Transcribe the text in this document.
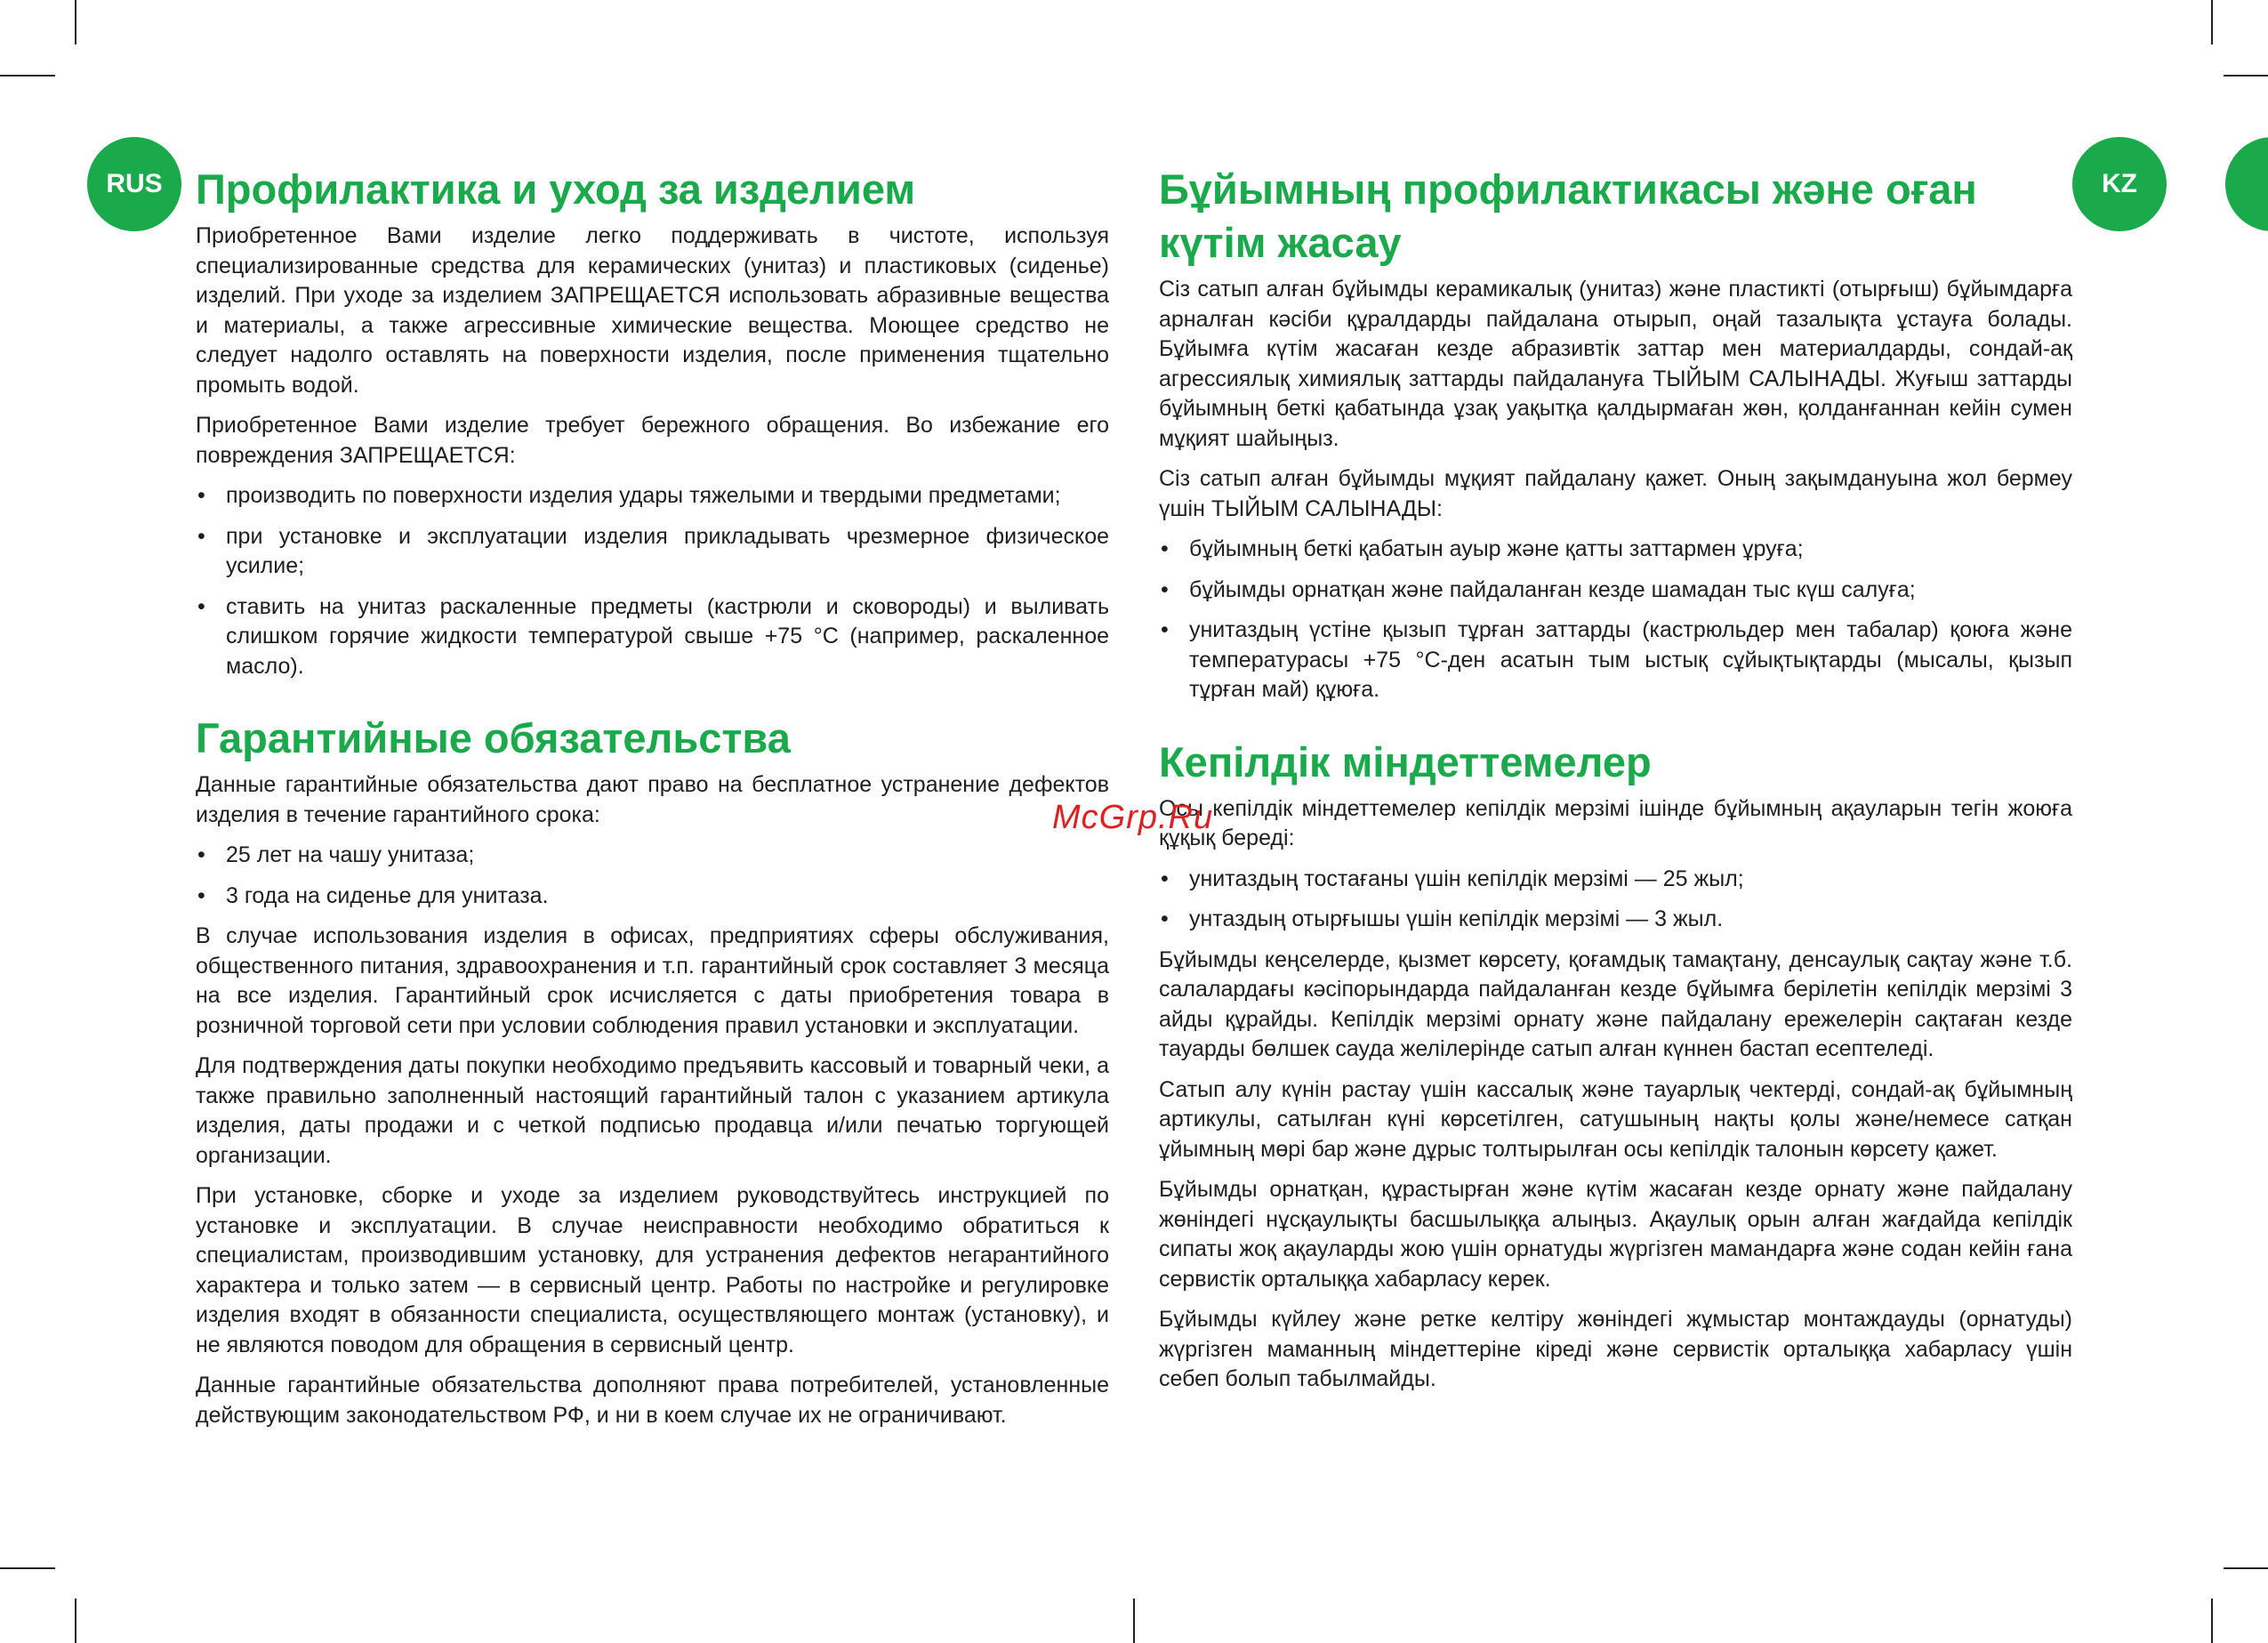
RUS	KZ
Профилактика и уход за изделием

Приобретенное Вами изделие легко поддерживать в чистоте, используя специализированные средства для керамических (унитаз) и пластиковых (сиденье) изделий. При уходе за изделием ЗАПРЕЩАЕТСЯ использовать абразивные вещества и материалы, а также агрессивные химические вещества. Моющее средство не следует надолго оставлять на поверхности изделия, после применения тщательно промыть водой.

Приобретенное Вами изделие требует бережного обращения. Во избежание его повреждения ЗАПРЕЩАЕТСЯ:

• производить по поверхности изделия удары тяжелыми и твердыми предметами;
• при установке и эксплуатации изделия прикладывать чрезмерное физическое усилие;
• ставить на унитаз раскаленные предметы (кастрюли и сковороды) и выливать слишком горячие жидкости температурой свыше +75 °С (например, раскаленное масло).
Гарантийные обязательства

Данные гарантийные обязательства дают право на бесплатное устранение дефектов изделия в течение гарантийного срока:

• 25 лет на чашу унитаза;
• 3 года на сиденье для унитаза.

В случае использования изделия в офисах, предприятиях сферы обслуживания, общественного питания, здравоохранения и т.п. гарантийный срок составляет 3 месяца на все изделия. Гарантийный срок исчисляется с даты приобретения товара в розничной торговой сети при условии соблюдения правил установки и эксплуатации.

Для подтверждения даты покупки необходимо предъявить кассовый и товарный чеки, а также правильно заполненный настоящий гарантийный талон с указанием артикула изделия, даты продажи и с четкой подписью продавца и/или печатью торгующей организации.

При установке, сборке и уходе за изделием руководствуйтесь инструкцией по установке и эксплуатации. В случае неисправности необходимо обратиться к специалистам, производившим установку, для устранения дефектов негарантийного характера и только затем — в сервисный центр. Работы по настройке и регулировке изделия входят в обязанности специалиста, осуществляющего монтаж (установку), и не являются поводом для обращения в сервисный центр.

Данные гарантийные обязательства дополняют права потребителей, установленные действующим законодательством РФ, и ни в коем случае их не ограничивают.

Бұйымның профилактикасы және оған күтім жасау

Сіз сатып алған бұйымды керамикалық (унитаз) және пластикті (отырғыш) бұйымдарға арналған кәсіби құралдарды пайдалана отырып, оңай тазалықта ұстауға болады. Бұйымға күтім жасаған кезде абразивтік заттар мен материалдарды, сондай-ақ агрессиялық химиялық заттарды пайдалануға ТЫЙЫМ САЛЫНАДЫ. Жуғыш заттарды бұйымның беткі қабатында ұзақ уақытқа қалдырмаған жөн, қолданғаннан кейін сумен мұқият шайыңыз.

Сіз сатып алған бұйымды мұқият пайдалану қажет. Оның зақымдануына жол бермеу үшін ТЫЙЫМ САЛЫНАДЫ:

• бұйымның беткі қабатын ауыр және қатты заттармен ұруға;
• бұйымды орнатқан және пайдаланған кезде шамадан тыс күш салуға;
• унитаздың үстіне қызып тұрған заттарды (кастрюльдер мен табалар) қоюға және температурасы +75 °С-ден асатын тым ыстық сұйықтықтарды (мысалы, қызып тұрған май) құюға.
Кепілдік міндеттемелер

Осы кепілдік міндеттемелер кепілдік мерзімі ішінде бұйымның ақауларын тегін жоюға құқық береді:

• унитаздың тостағаны үшін кепілдік мерзімі — 25 жыл;
• унтаздың отырғышы үшін кепілдік мерзімі — 3 жыл.

Бұйымды кеңселерде, қызмет көрсету, қоғамдық тамақтану, денсаулық сақтау және т.б. салалардағы кәсіпорындарда пайдаланған кезде бұйымға берілетін кепілдік мерзімі 3 айды құрайды. Кепілдік мерзімі орнату және пайдалану ережелерін сақтаған кезде тауарды бөлшек сауда желілерінде сатып алған күннен бастап есептеледі.

Сатып алу күнін растау үшін кассалық және тауарлық чектерді, сондай-ақ бұйымның артикулы, сатылған күні көрсетілген, сатушының нақты қолы және/немесе сатқан ұйымның мөрі бар және дұрыс толтырылған осы кепілдік талонын көрсету қажет.

Бұйымды орнатқан, құрастырған және күтім жасаған кезде орнату және пайдалану жөніндегі нұсқаулықты басшылыққа алыңыз. Ақаулық орын алған жағдайда кепілдік сипаты жоқ ақауларды жою үшін орнатуды жүргізген мамандарға және содан кейін ғана сервистік орталыққа хабарласу керек.

Бұйымды күйлеу және ретке келтіру жөніндегі жұмыстар монтаждауды (орнатуды) жүргізген маманның міндеттеріне кіреді және сервистік орталыққа хабарласу үшін себеп болып табылмайды.

McGrp.Ru
